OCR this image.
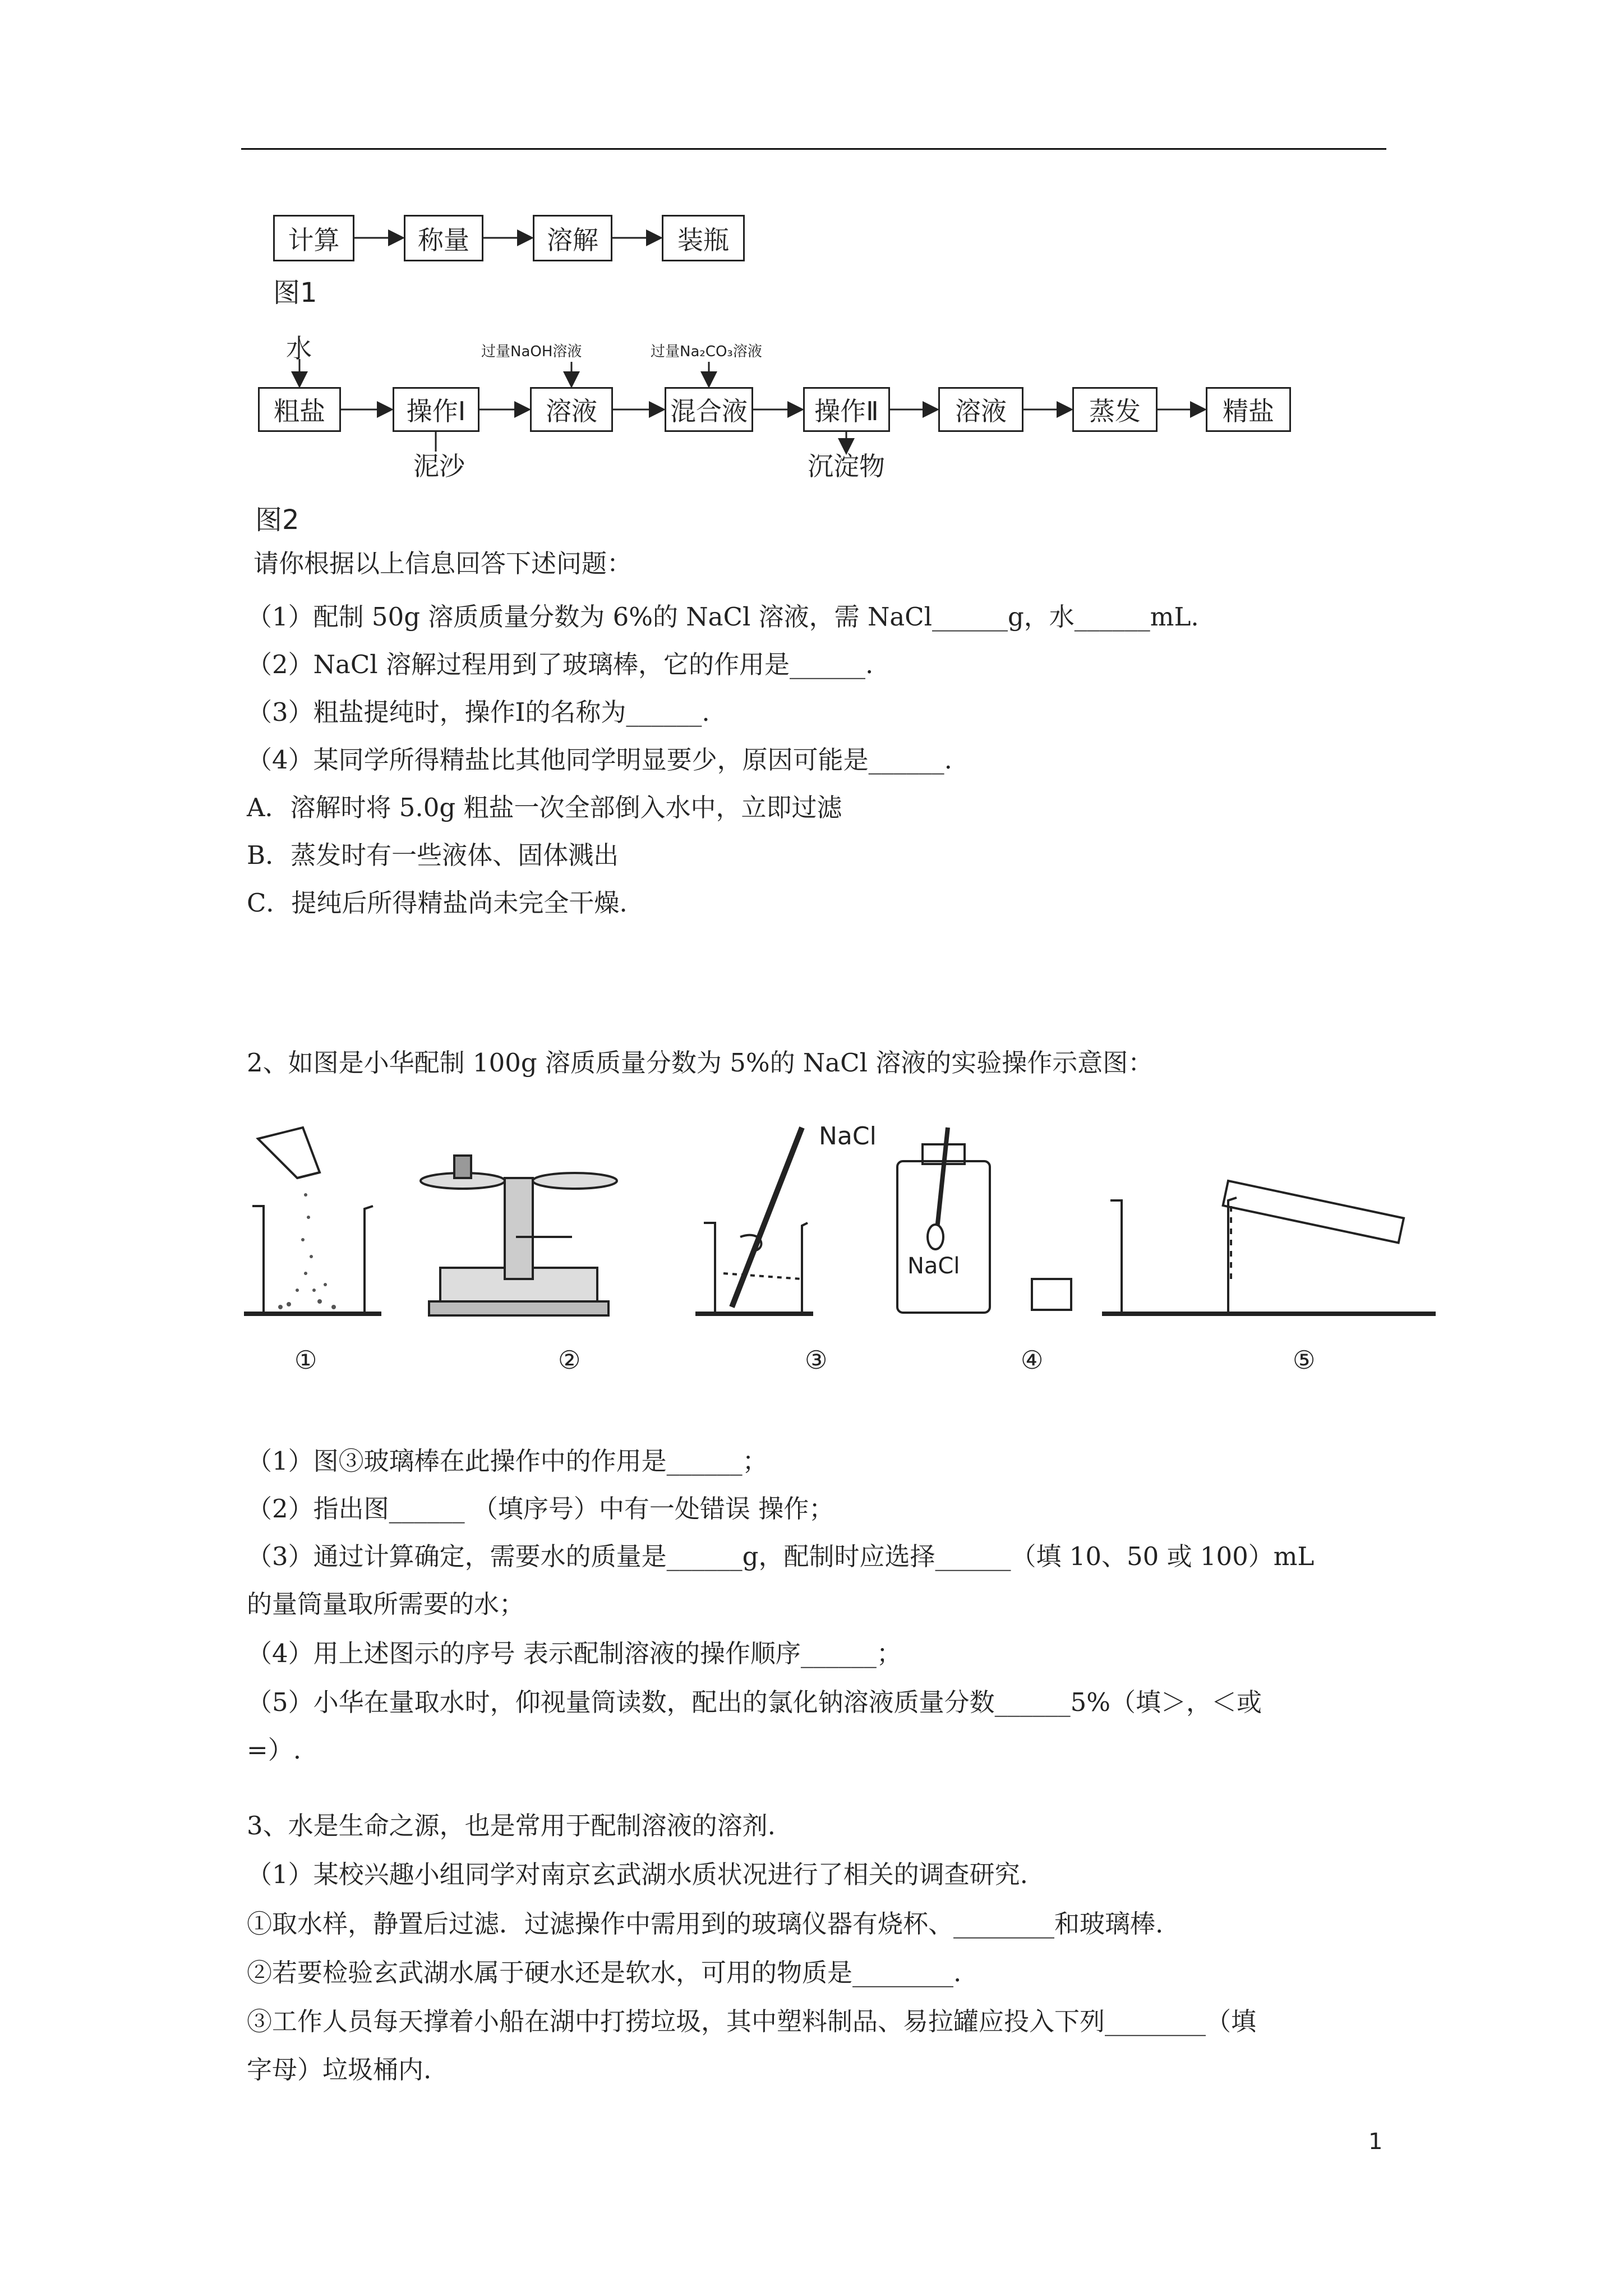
计算	称量	溶解	装瓶
图1
水	过量NaOH溶液	过量Na₂CO₃溶液
粗盐	操作Ⅰ	溶液	混合液	操作Ⅱ	溶液	蒸发	精盐
泥沙	沉淀物
图2
请你根据以上信息回答下述问题：
（1）配制 50g 溶质质量分数为 6%的 NaCl 溶液，需 NaCl______g，水______mL.
（2）NaCl 溶解过程用到了玻璃棒，它的作用是______.
（3）粗盐提纯时，操作Ⅰ的名称为______.
（4）某同学所得精盐比其他同学明显要少，原因可能是______.
A．溶解时将 5.0g 粗盐一次全部倒入水中，立即过滤
B．蒸发时有一些液体、固体溅出
C．提纯后所得精盐尚未完全干燥.
2、如图是小华配制 100g 溶质质量分数为 5%的 NaCl 溶液的实验操作示意图：
NaCl
NaCl
①	②	③	④	⑤
（1）图③玻璃棒在此操作中的作用是______；
（2）指出图______ （填序号）中有一处错误 操作；
（3）通过计算确定，需要水的质量是______g，配制时应选择______（填 10、50 或 100）mL
的量筒量取所需要的水；
（4）用上述图示的序号 表示配制溶液的操作顺序______；
（5）小华在量取水时，仰视量筒读数，配出的氯化钠溶液质量分数______5%（填＞，＜或
=）.
3、水是生命之源，也是常用于配制溶液的溶剂.
（1）某校兴趣小组同学对南京玄武湖水质状况进行了相关的调查研究.
①取水样，静置后过滤．过滤操作中需用到的玻璃仪器有烧杯、________和玻璃棒.
②若要检验玄武湖水属于硬水还是软水，可用的物质是________.
③工作人员每天撑着小船在湖中打捞垃圾，其中塑料制品、易拉罐应投入下列________（填
字母）垃圾桶内.
1
